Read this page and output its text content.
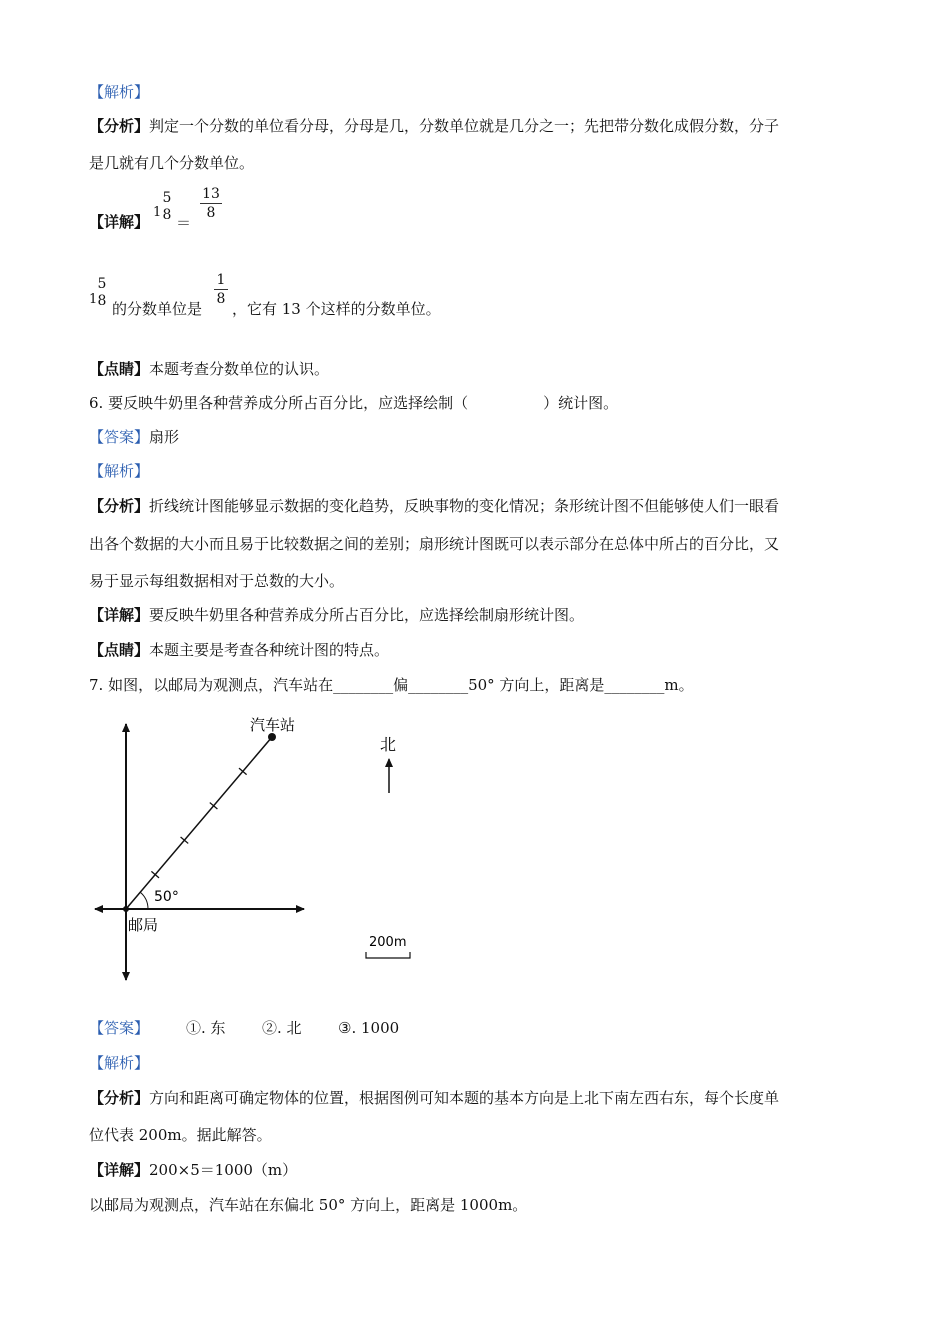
【解析】
【分析】判定一个分数的单位看分母，分母是几，分数单位就是几分之一；先把带分数化成假分数，分子
是几就有几个分数单位。
【详解】
1
5
8 ＝
13
8
1
5
8 的分数单位是
1
8
，它有 13 个这样的分数单位。
【点睛】本题考查分数单位的认识。
6. 要反映牛奶里各种营养成分所占百分比，应选择绘制（　　　　　）统计图。
【答案】扇形
【解析】
【分析】折线统计图能够显示数据的变化趋势，反映事物的变化情况；条形统计图不但能够使人们一眼看
出各个数据的大小而且易于比较数据之间的差别；扇形统计图既可以表示部分在总体中所占的百分比，又
易于显示每组数据相对于总数的大小。
【详解】要反映牛奶里各种营养成分所占百分比，应选择绘制扇形统计图。
【点睛】本题主要是考查各种统计图的特点。
7. 如图，以邮局为观测点，汽车站在________偏________50° 方向上，距离是________m。
汽车站
50°
邮局
北
200m
【答案】 ①. 东 ②. 北 ③. 1000
【解析】
【分析】方向和距离可确定物体的位置，根据图例可知本题的基本方向是上北下南左西右东，每个长度单
位代表 200m。据此解答。
【详解】200×5＝1000（m）
以邮局为观测点，汽车站在东偏北 50° 方向上，距离是 1000m。
